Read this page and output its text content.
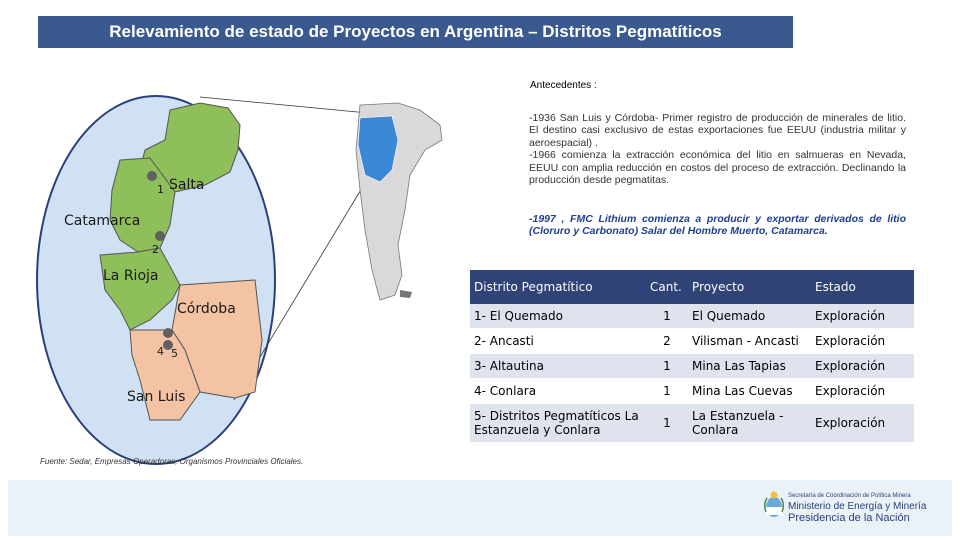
Relevamiento de estado de Proyectos en Argentina – Distritos Pegmatíticos
Salta
1
Catamarca
2
La Rioja
Córdoba
4 5
San Luis
Fuente: Sedar, Empresas Operadoras, Organismos Provinciales Oficiales.
Antecedentes :

-1936 San Luis y Córdoba- Primer registro de producción de minerales de litio. El destino casi exclusivo de estas exportaciones fue EEUU (industria militar y aeroespacial) .

-1966 comienza la extracción económica del litio en salmueras en Nevada, EEUU con amplia reducción en costos del proceso de extracción. Declinando la producción desde pegmatitas.

-1997 , FMC Lithium comienza a producir y exportar derivados de litio (Cloruro y Carbonato) Salar del Hombre Muerto, Catamarca.
Distrito Pegmatítico	Cant.	Proyecto	Estado
1- El Quemado	1	El Quemado	Exploración
2- Ancasti	2	Vilisman - Ancasti	Exploración
3- Altautina	1	Mina Las Tapias	Exploración
4- Conlara	1	Mina Las Cuevas	Exploración
5- Distritos Pegmatíticos La Estanzuela y Conlara	1	La Estanzuela - Conlara	Exploración
Secretaría de Coordinación de Política Minera
Ministerio de Energía y Minería
Presidencia de la Nación
